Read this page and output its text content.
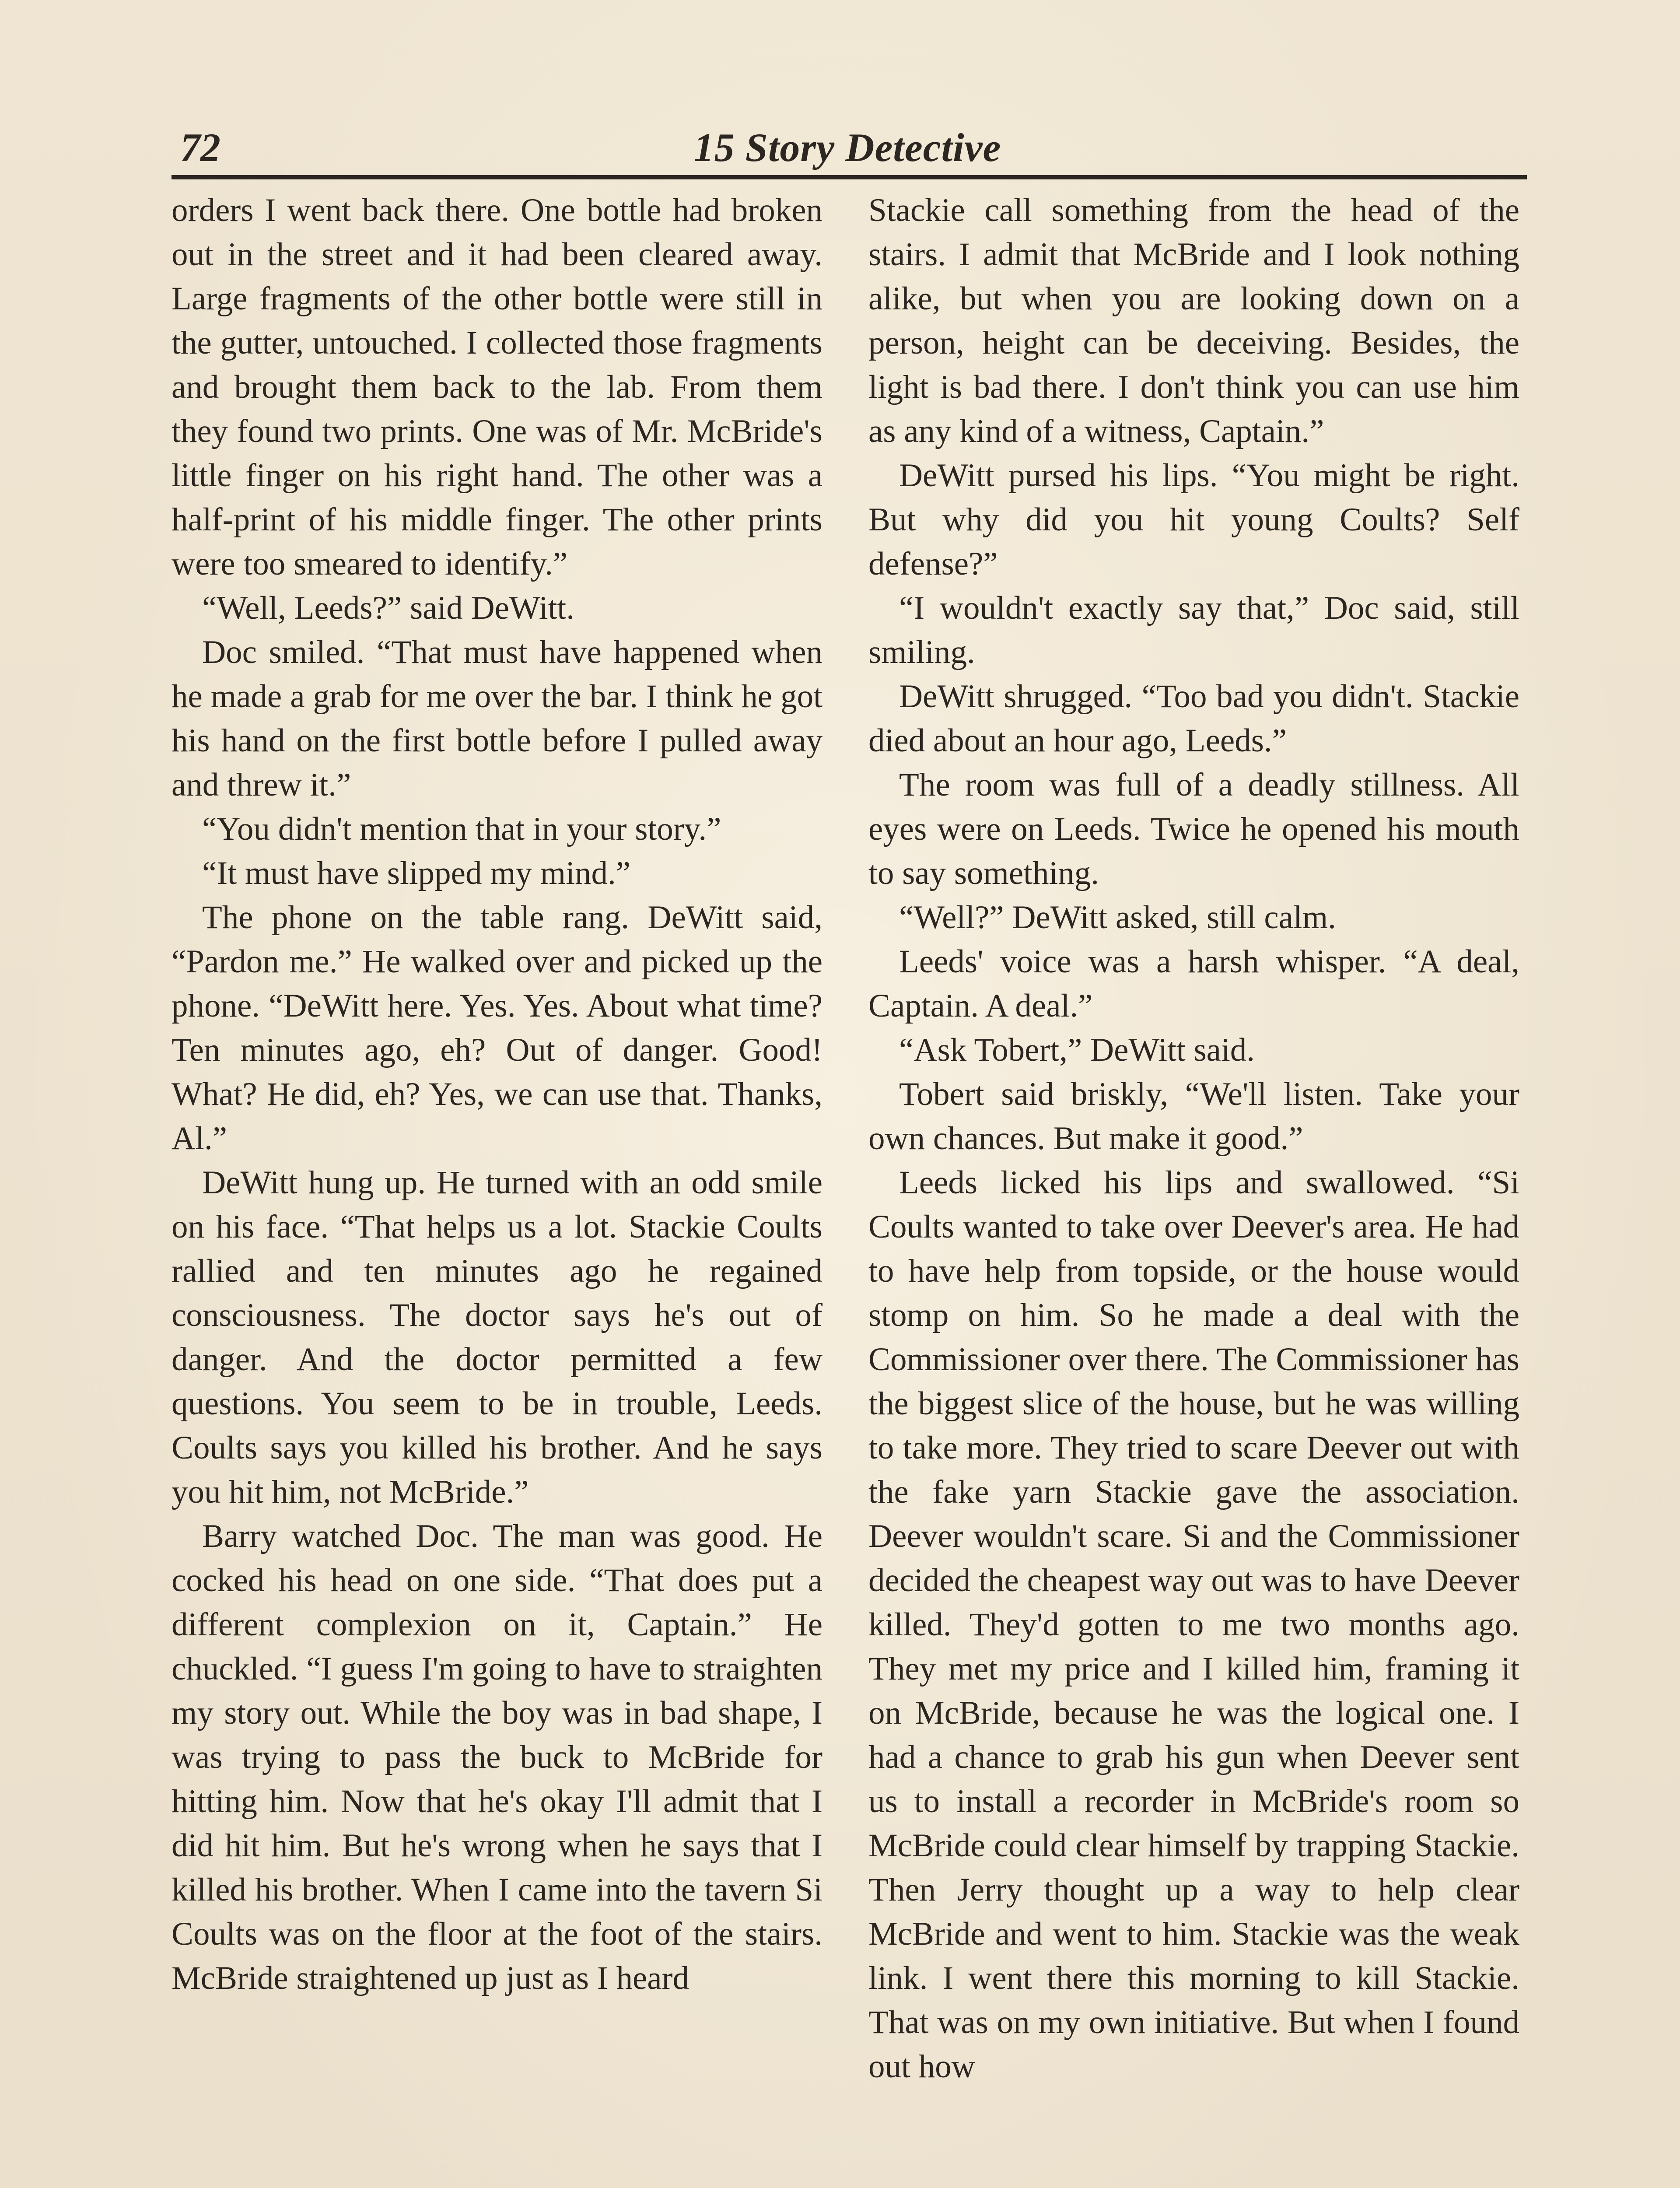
72	15 Story Detective

orders I went back there. One bottle had broken out in the street and it had been cleared away. Large fragments of the other bottle were still in the gutter, untouched. I collected those fragments and brought them back to the lab. From them they found two prints. One was of Mr. McBride's little finger on his right hand. The other was a half-print of his middle finger. The other prints were too smeared to identify.”

“Well, Leeds?” said DeWitt.

Doc smiled. “That must have happened when he made a grab for me over the bar. I think he got his hand on the first bottle before I pulled away and threw it.”

“You didn't mention that in your story.”

“It must have slipped my mind.”

The phone on the table rang. DeWitt said, “Pardon me.” He walked over and picked up the phone. “DeWitt here. Yes. Yes. About what time? Ten minutes ago, eh? Out of danger. Good! What? He did, eh? Yes, we can use that. Thanks, Al.”

DeWitt hung up. He turned with an odd smile on his face. “That helps us a lot. Stackie Coults rallied and ten minutes ago he regained consciousness. The doctor says he's out of danger. And the doctor permitted a few questions. You seem to be in trouble, Leeds. Coults says you killed his brother. And he says you hit him, not McBride.”

Barry watched Doc. The man was good. He cocked his head on one side. “That does put a different complexion on it, Captain.” He chuckled. “I guess I'm going to have to straighten my story out. While the boy was in bad shape, I was trying to pass the buck to McBride for hitting him. Now that he's okay I'll admit that I did hit him. But he's wrong when he says that I killed his brother. When I came into the tavern Si Coults was on the floor at the foot of the stairs. McBride straightened up just as I heard

Stackie call something from the head of the stairs. I admit that McBride and I look nothing alike, but when you are looking down on a person, height can be deceiving. Besides, the light is bad there. I don't think you can use him as any kind of a witness, Captain.”

DeWitt pursed his lips. “You might be right. But why did you hit young Coults? Self defense?”

“I wouldn't exactly say that,” Doc said, still smiling.

DeWitt shrugged. “Too bad you didn't. Stackie died about an hour ago, Leeds.”

The room was full of a deadly stillness. All eyes were on Leeds. Twice he opened his mouth to say something.

“Well?” DeWitt asked, still calm.

Leeds' voice was a harsh whisper. “A deal, Captain. A deal.”

“Ask Tobert,” DeWitt said.

Tobert said briskly, “We'll listen. Take your own chances. But make it good.”

Leeds licked his lips and swallowed. “Si Coults wanted to take over Deever's area. He had to have help from topside, or the house would stomp on him. So he made a deal with the Commissioner over there. The Commissioner has the biggest slice of the house, but he was willing to take more. They tried to scare Deever out with the fake yarn Stackie gave the association. Deever wouldn't scare. Si and the Commissioner decided the cheapest way out was to have Deever killed. They'd gotten to me two months ago. They met my price and I killed him, framing it on McBride, because he was the logical one. I had a chance to grab his gun when Deever sent us to install a recorder in McBride's room so McBride could clear himself by trapping Stackie. Then Jerry thought up a way to help clear McBride and went to him. Stackie was the weak link. I went there this morning to kill Stackie. That was on my own initiative. But when I found out how
